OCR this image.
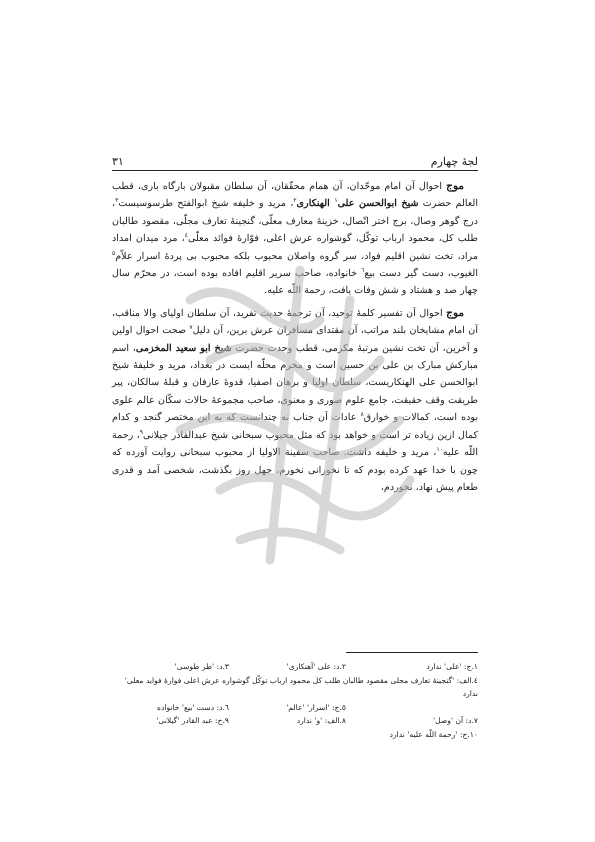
لجهٔ چهارم
۳۱

موج احوال آن امام موحّدان، آن همام محقّقان، آن سلطان مقبولان بارگاه باری، قطب العالم حضرت شیخ ابوالحسن علی$^١$ الهنکاری$^٢$، مرید و خلیفه شیخ ابوالفتح طرسوسیست$^٣$، درج گوهر وصال، برج اختر اتّصال، خزینهٔ معارف معلّی، گنجینهٔ تعارف مجلّی، مقصود طالبان طلب کل، محمود ارباب توکّل، گوشواره عرش اعلی، فوّارهٔ فوائد معلّی$^٤$، مرد میدان امداد مراد، تخت نشین اقلیم فواد، سر گروه واصلان محبوب بلکه محبوب بی پردهٔ اسرار علاّم$^٥$ الغیوب، دست گیر دست بیع$^٦$ خانواده، صاحب سریر اقلیم افاده بوده است، در محرّم سال چهار صد و هشتاد و شش وفات یافت، رحمة اللّه علیه.

موج احوال آن تفسیر کلمهٔ توحید، آن ترجمهٔ حدیث تفرید، آن سلطان اولیای والا مناقب، آن امام مشایخان بلند مراتب، آن مقتدای مسافران عرش برین، آن دلیل$^٧$ صحت احوال اولین و آخرین، آن تخت نشین مرتبهٔ مکرمی، قطب وحدت حضرت شیخ ابو سعید المخزمی، اسم مبارکش مبارک بن علی بن حسین است و مخرم محلّه ایست در بغداد، مرید و خلیفهٔ شیخ ابوالحسن علی الهنکاریست، سلطان اولیا و برهان اصفیا، قدوهٔ عارفان و قبلهٔ سالکان، پیر طریقت وقف حقیقت، جامع علوم صوری و معنوی، صاحب مجموعهٔ حالات سکّان عالم علوی بوده است، کمالات و خوارق$^٨$ عادات آن جناب نه چندانست که به این مختصر گنجد و کدام کمال ازین زیاده تر است و خواهد بود که مثل محبوب سبحانی شیخ عبدالقادر جیلانی$^٩$، رحمة اللّه علیه$^{١٠}$، مرید و خلیفه داشت. صاحب سفینة الاولیا از محبوب سبحانی روایت آورده که چون با خدا عهد کرده بودم که تا نخورانی نخورم، جهل روز بگذشت، شخصی آمد و قدری طعام پیش نهاد، نخوردم،

١.ج: 'علی' ندارد
٢.د: علی 'آهنکاری'
٣.د: 'طر طوسی'
٤.الف: 'گنجینهٔ تعارف مجلی مقصود طالبان طلب کل محمود ارباب توکّل گوشواره عرش اعلی فوارهٔ فواید معلی' ندارد
٥.ج: 'اسرار' 'عالم'
٦.د: دست 'بیع' خانواده
٧.د: آن 'وصل'
٨.الف: 'و' ندارد
٩.ح: عبد القادر 'گیلانی'
١٠.ح: 'رحمة اللّه علیه' ندارد
